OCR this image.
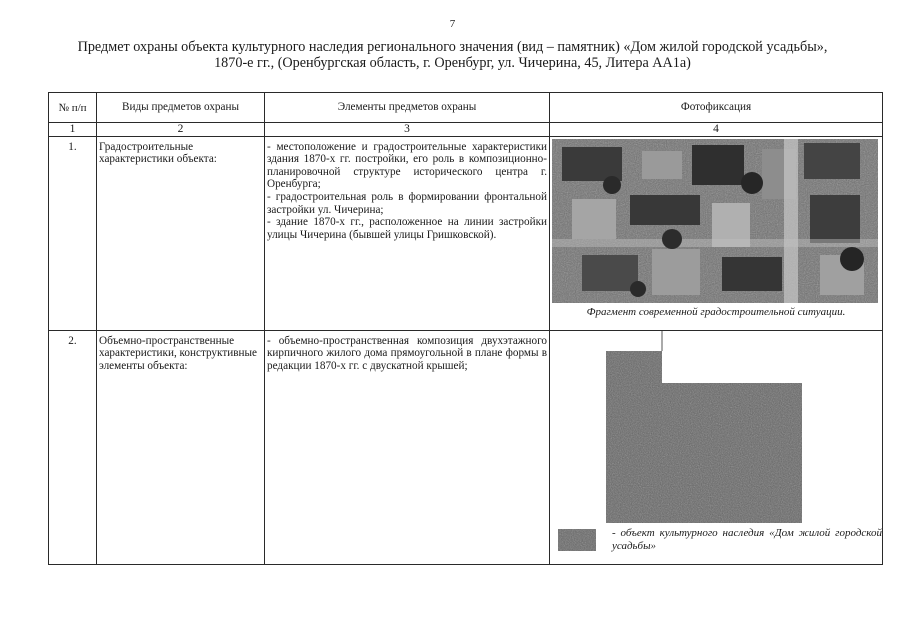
7
Предмет охраны объекта культурного наследия регионального значения (вид – памятник) «Дом жилой городской усадьбы»,
1870-е гг., (Оренбургская область, г. Оренбург, ул. Чичерина, 45, Литера АА1а)
№ п/п	Виды предметов охраны	Элементы предметов охраны	Фотофиксация
1	2	3	4
1.	Градостроительные характеристики объекта:	- местоположение и градостроительные характеристики здания 1870-х гг. постройки, его роль в композиционно-планировочной структуре исторического центра г. Оренбурга;
- градостроительная роль в формировании фронтальной застройки ул. Чичерина;
- здание 1870-х гг., расположенное на линии застройки улицы Чичерина (бывшей улицы Гришковской).	Фрагмент современной градостроительной ситуации.

2.	Объемно-пространственные характеристики, конструктивные элементы объекта:	- объемно-пространственная композиция двухэтажного кирпичного жилого дома прямоугольной в плане формы в редакции 1870-х гг. с двускатной крышей;	- объект культурного наследия «Дом жилой городской усадьбы»
